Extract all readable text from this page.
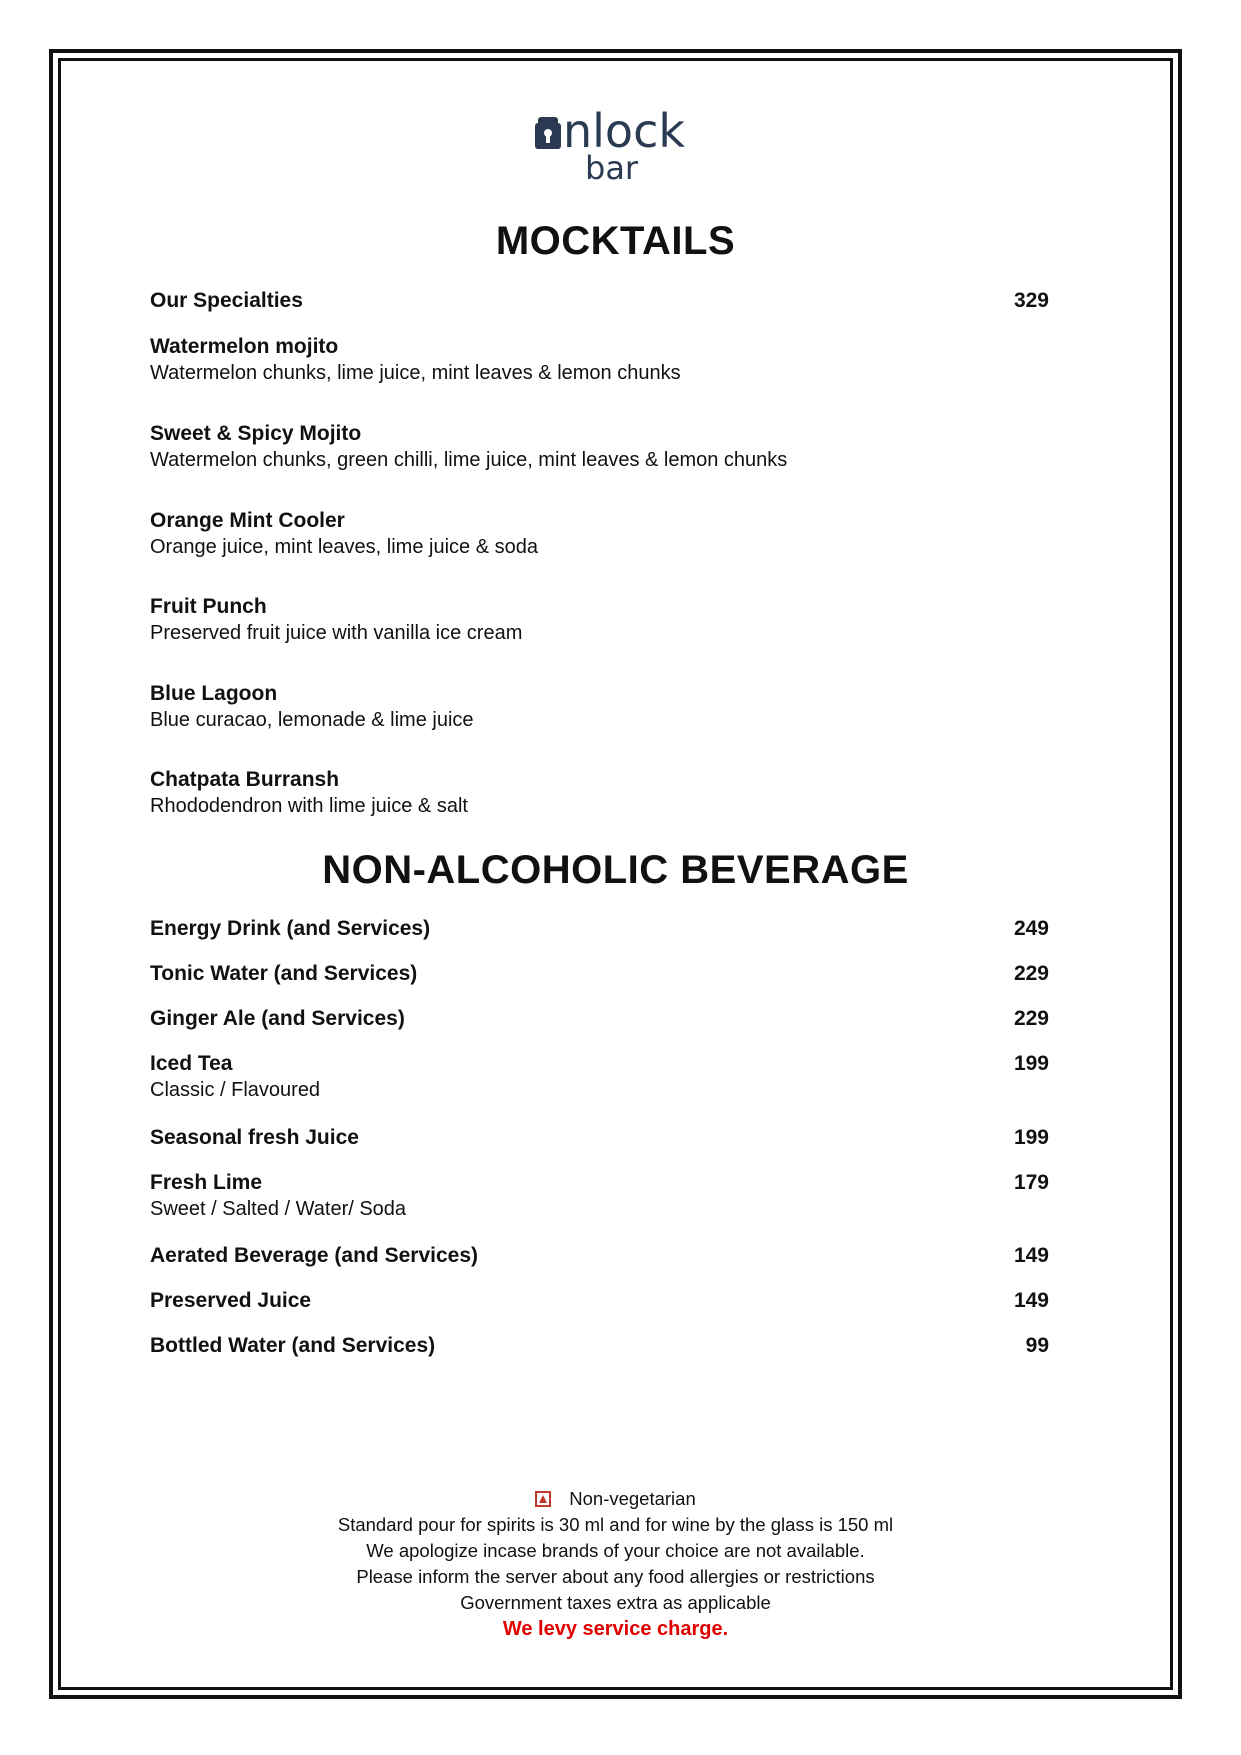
nlock
bar
MOCKTAILS
Our Specialties	329
Watermelon mojito
Watermelon chunks, lime juice, mint leaves & lemon chunks
Sweet & Spicy Mojito
Watermelon chunks, green chilli, lime juice, mint leaves & lemon chunks
Orange Mint Cooler
Orange juice, mint leaves, lime juice & soda
Fruit Punch
Preserved fruit juice with vanilla ice cream
Blue Lagoon
Blue curacao, lemonade & lime juice
Chatpata Burransh
Rhododendron with lime juice & salt
NON-ALCOHOLIC BEVERAGE
Energy Drink (and Services)	249
Tonic Water (and Services)	229
Ginger Ale (and Services)	229
Iced Tea	199
Classic / Flavoured
Seasonal fresh Juice	199
Fresh Lime	179
Sweet / Salted / Water/ Soda
Aerated Beverage (and Services)	149
Preserved Juice	149
Bottled Water (and Services)	99
Non-vegetarian
Standard pour for spirits is 30 ml and for wine by the glass is 150 ml
We apologize incase brands of your choice are not available.
Please inform the server about any food allergies or restrictions
Government taxes extra as applicable
We levy service charge.
